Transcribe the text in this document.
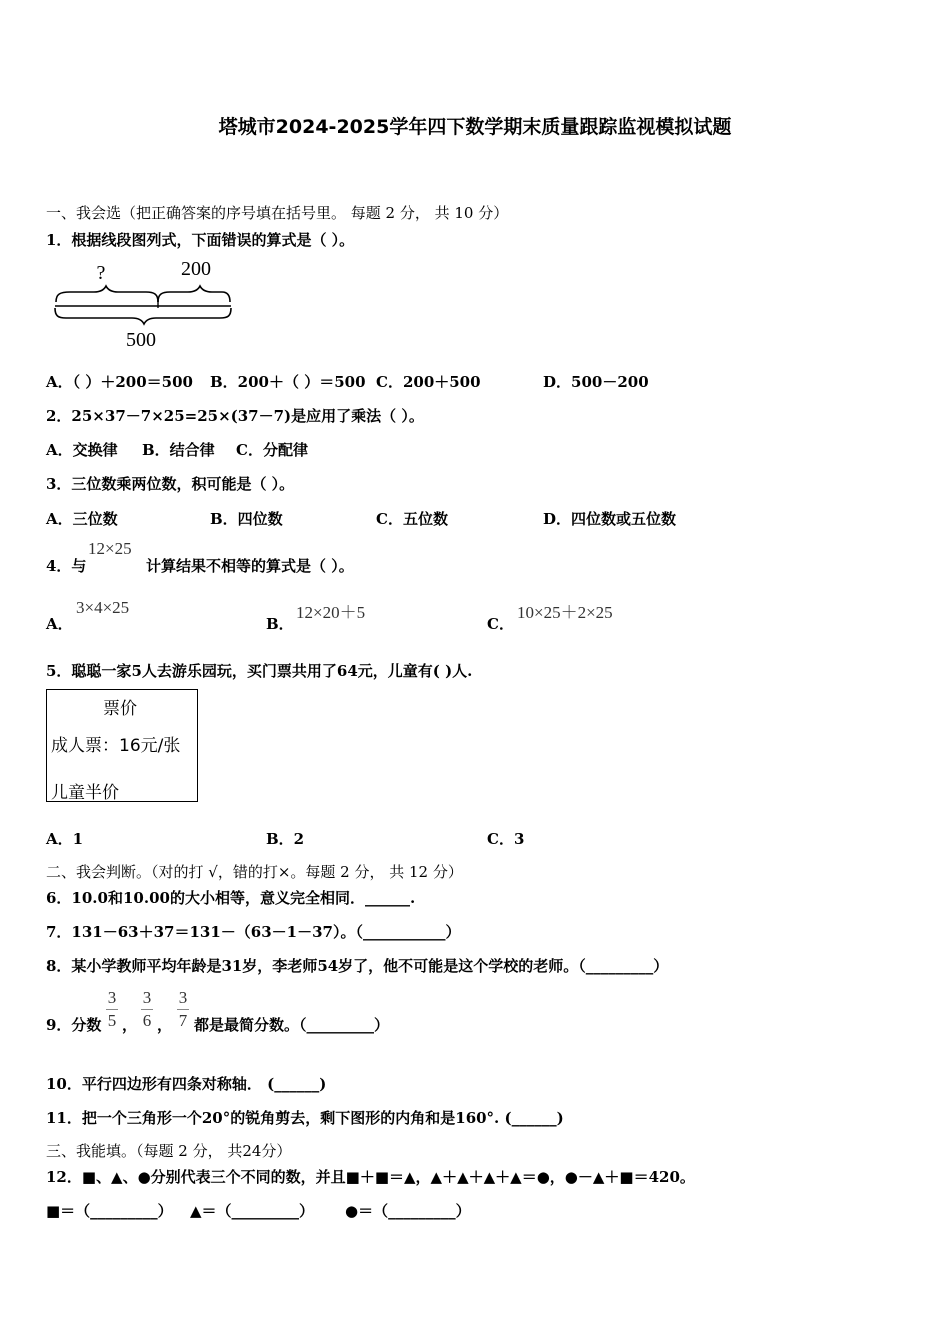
塔城市2024-2025学年四下数学期末质量跟踪监视模拟试题
一、我会选（把正确答案的序号填在括号里。 每题 2 分， 共 10 分）
1．根据线段图列式，下面错误的算式是（ ）。
?	200
500
A．（ ）＋200＝500 B．200＋（ ）＝500 C．200＋500	D．500－200
2．25×37－7×25=25×(37－7)是应用了乘法（ ）。
A．交换律 B．结合律 C．分配律
3．三位数乘两位数，积可能是（ ）。
A．三位数	B．四位数	C．五位数	D．四位数或五位数
4．与
12×25
计算结果不相等的算式是（ ）。
A．
3×4×25
B．
12×20＋5
C．
10×25＋2×25
5．聪聪一家5人去游乐园玩，买门票共用了64元，儿童有( )人.
票价
成人票：16元/张
儿童半价
A．1	B．2	C．3
二、我会判断。（对的打 √，错的打×。每题 2 分， 共 12 分）
6．10.0和10.00的大小相等，意义完全相同．______.
7．131－63＋37＝131－（63－1－37）。（___________）
8．某小学教师平均年龄是31岁，李老师54岁了，他不可能是这个学校的老师。（_________）
9．分数
3
5 ，
3
6 ，
3
7 都是最简分数。（_________）
10．平行四边形有四条对称轴． (______)
11．把一个三角形一个20°的锐角剪去，剩下图形的内角和是160°. (______)
三、我能填。（每题 2 分， 共24分）
12．■、▲、●分别代表三个不同的数，并且■＋■＝▲，▲＋▲＋▲＋▲＝●，●－▲＋■＝420。
■＝（_________） ▲＝（_________） ●＝（_________）
